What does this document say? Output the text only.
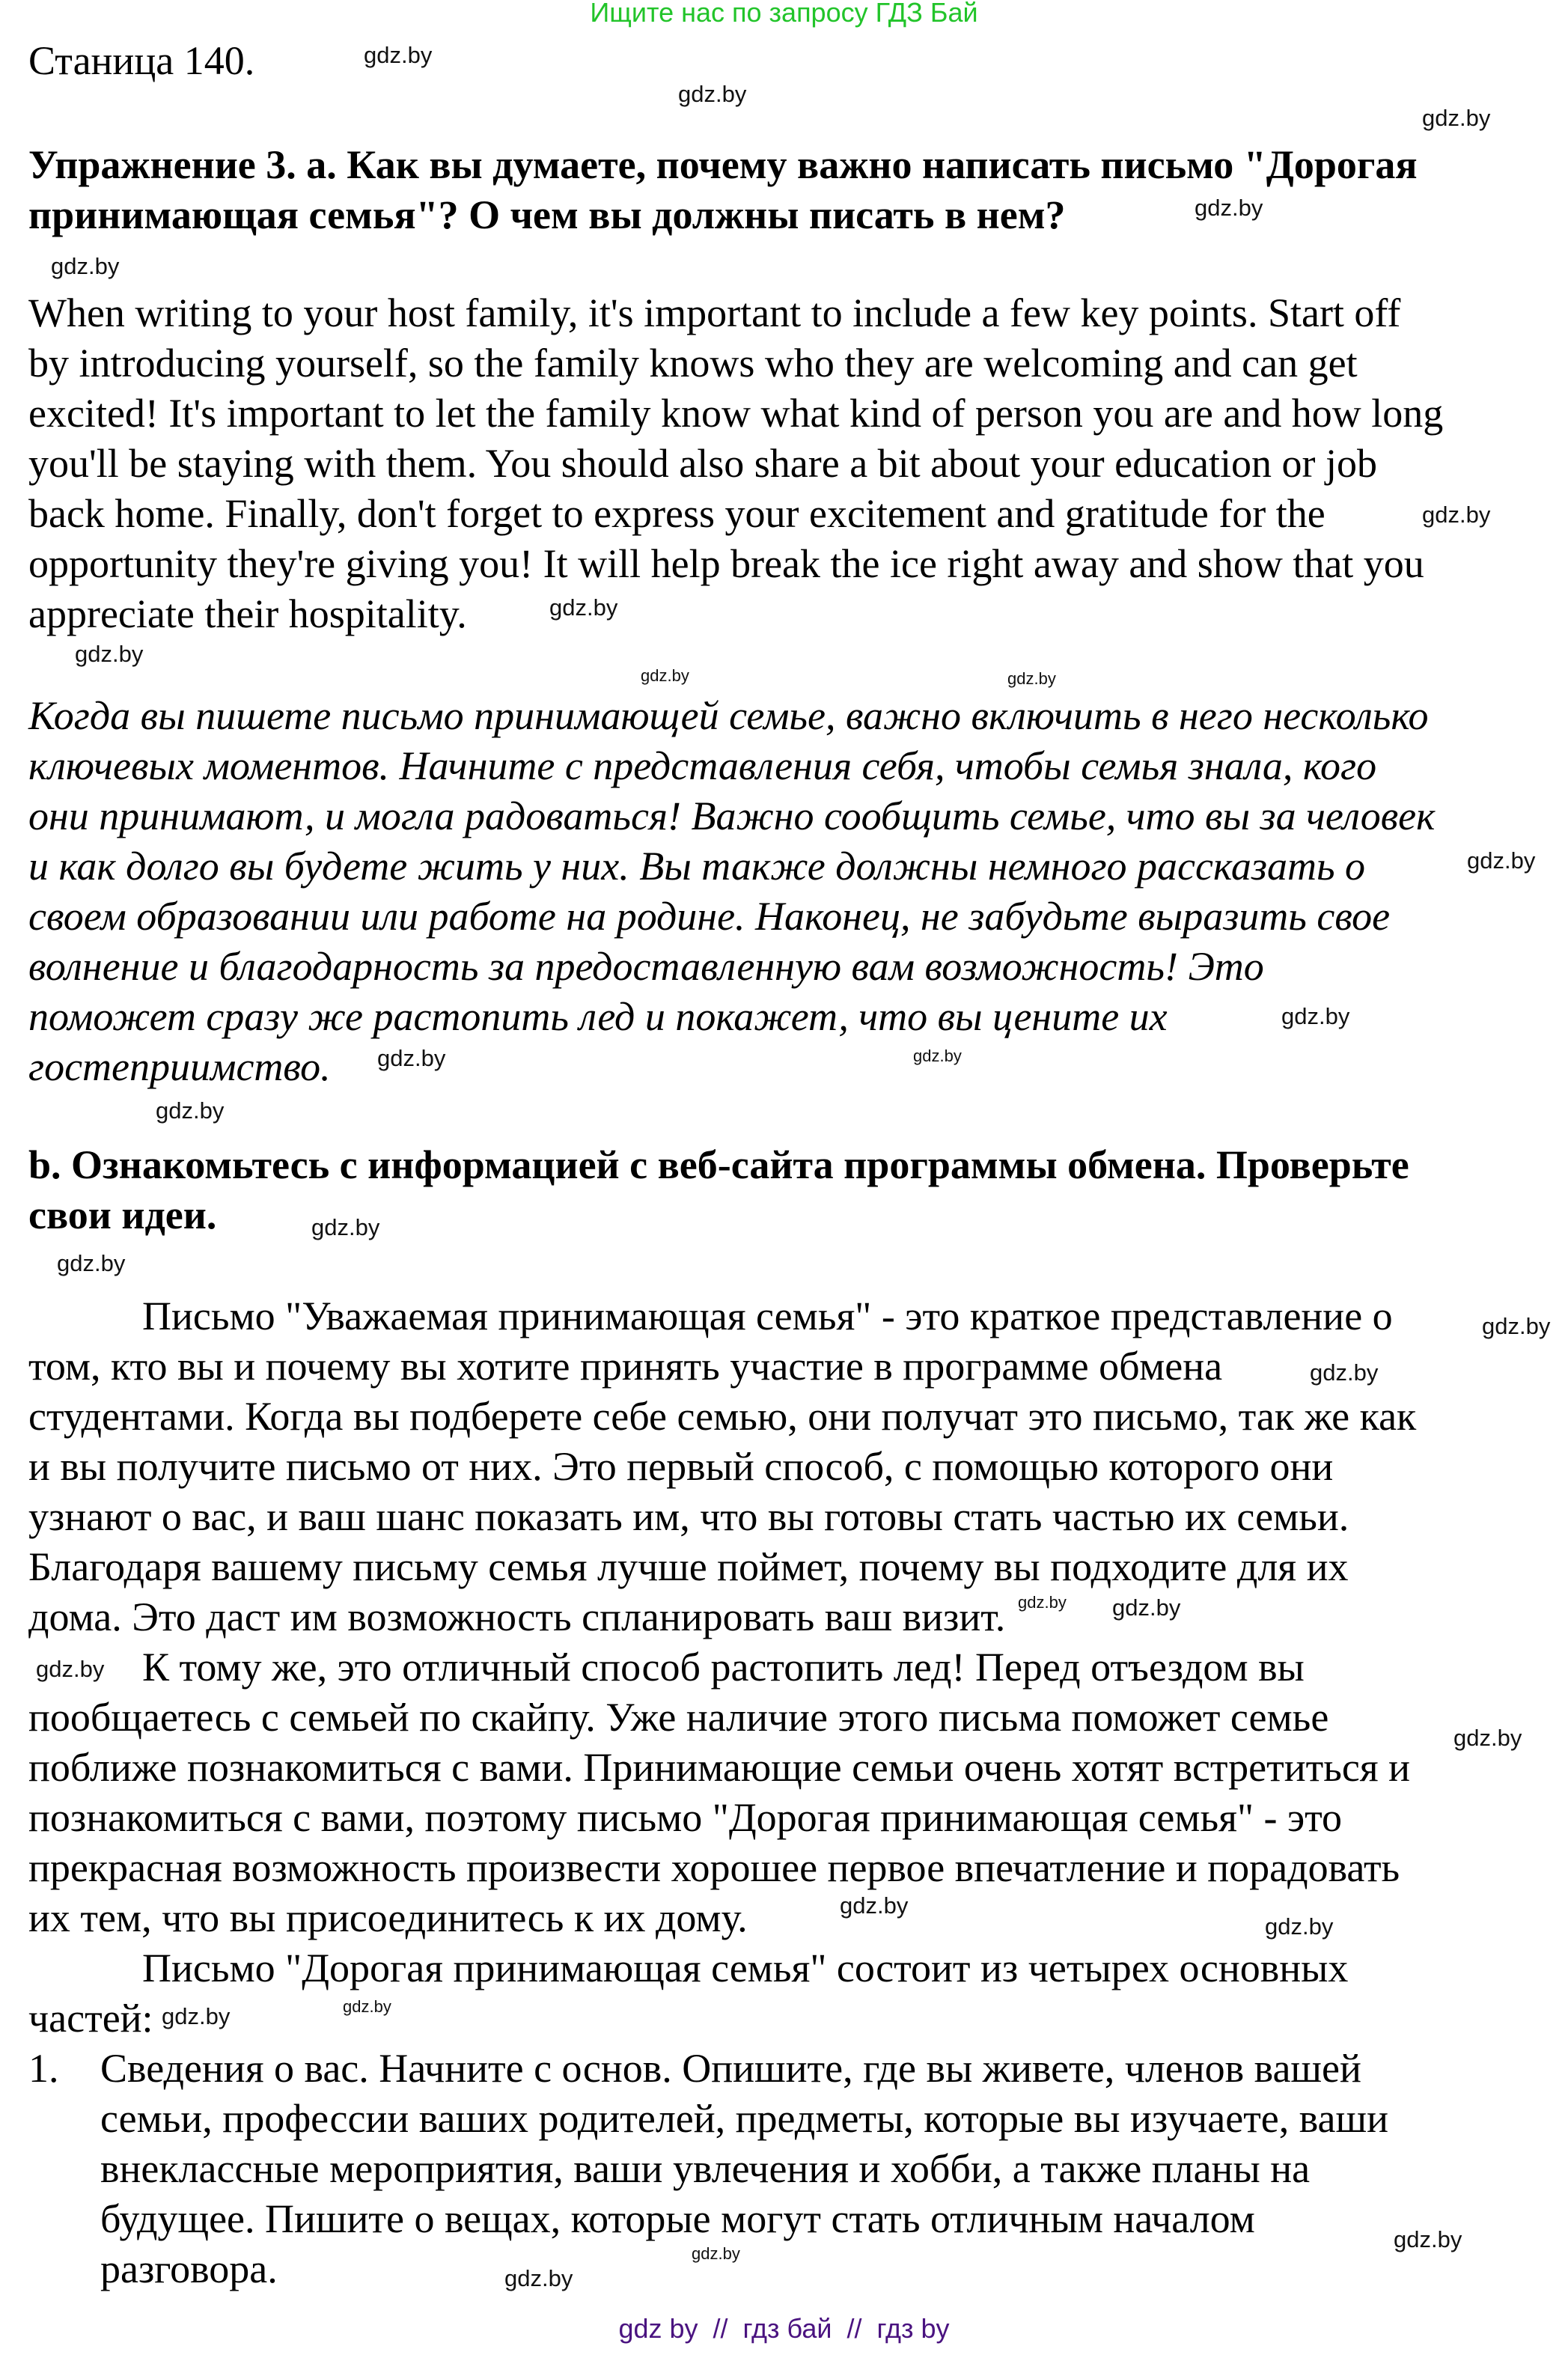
Ищите нас по запросу ГДЗ Бай
Станица 140.
Упражнение 3. a. Как вы думаете, почему важно написать письмо "Дорогая
принимающая семья"? О чем вы должны писать в нем?
When writing to your host family, it's important to include a few key points. Start off
by introducing yourself, so the family knows who they are welcoming and can get
excited! It's important to let the family know what kind of person you are and how long
you'll be staying with them. You should also share a bit about your education or job
back home. Finally, don't forget to express your excitement and gratitude for the
opportunity they're giving you! It will help break the ice right away and show that you
appreciate their hospitality.
Когда вы пишете письмо принимающей семье, важно включить в него несколько
ключевых моментов. Начните с представления себя, чтобы семья знала, кого
они принимают, и могла радоваться! Важно сообщить семье, что вы за человек
и как долго вы будете жить у них. Вы также должны немного рассказать о
своем образовании или работе на родине. Наконец, не забудьте выразить свое
волнение и благодарность за предоставленную вам возможность! Это
поможет сразу же растопить лед и покажет, что вы цените их
гостеприимство.
b. Ознакомьтесь с информацией с веб-сайта программы обмена. Проверьте
свои идеи.
Письмо "Уважаемая принимающая семья" - это краткое представление о
том, кто вы и почему вы хотите принять участие в программе обмена
студентами. Когда вы подберете себе семью, они получат это письмо, так же как
и вы получите письмо от них. Это первый способ, с помощью которого они
узнают о вас, и ваш шанс показать им, что вы готовы стать частью их семьи.
Благодаря вашему письму семья лучше поймет, почему вы подходите для их
дома. Это даст им возможность спланировать ваш визит.
К тому же, это отличный способ растопить лед! Перед отъездом вы
пообщаетесь с семьей по скайпу. Уже наличие этого письма поможет семье
поближе познакомиться с вами. Принимающие семьи очень хотят встретиться и
познакомиться с вами, поэтому письмо "Дорогая принимающая семья" - это
прекрасная возможность произвести хорошее первое впечатление и порадовать
их тем, что вы присоединитесь к их дому.
Письмо "Дорогая принимающая семья" состоит из четырех основных
частей:
1. Сведения о вас. Начните с основ. Опишите, где вы живете, членов вашей
семьи, профессии ваших родителей, предметы, которые вы изучаете, ваши
внеклассные мероприятия, ваши увлечения и хобби, а также планы на
будущее. Пишите о вещах, которые могут стать отличным началом
разговора.
gdz.by
gdz.by
gdz.by
gdz.by
gdz.by
gdz.by
gdz.by
gdz.by
gdz.by	gdz.by
gdz.by
gdz.by
gdz.by
gdz.by
gdz.by
gdz.by
gdz.by
gdz.by
gdz.by
gdz.by gdz.by
gdz.by
gdz.by
gdz.by
gdz.by
gdz.by
gdz.by
gdz.by
gdz.by
gdz.by
gdz by  //  гдз бай  //  гдз by
